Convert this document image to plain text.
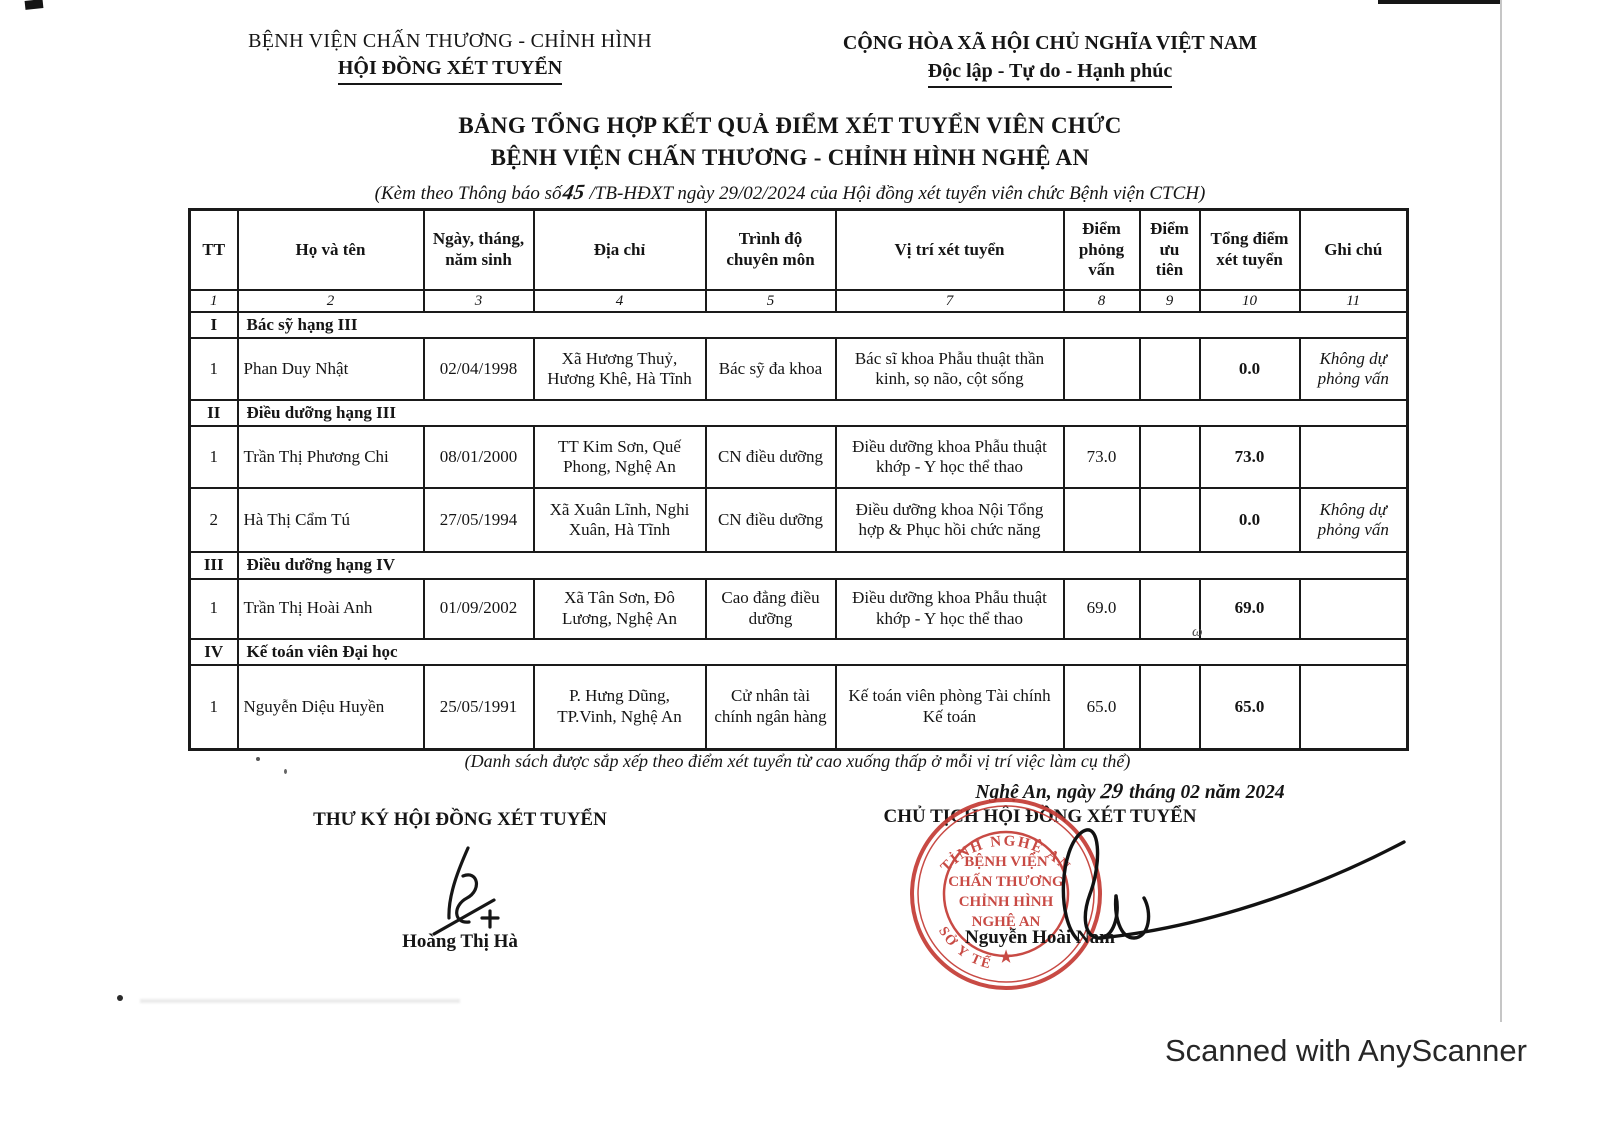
BỆNH VIỆN CHẤN THƯƠNG - CHỈNH HÌNH
HỘI ĐỒNG XÉT TUYỂN
CỘNG HÒA XÃ HỘI CHỦ NGHĨA VIỆT NAM
Độc lập - Tự do - Hạnh phúc
BẢNG TỔNG HỢP KẾT QUẢ ĐIỂM XÉT TUYỂN VIÊN CHỨC
BỆNH VIỆN CHẤN THƯƠNG - CHỈNH HÌNH NGHỆ AN
(Kèm theo Thông báo số45 /TB-HĐXT ngày 29/02/2024 của Hội đồng xét tuyển viên chức Bệnh viện CTCH)
TT	Họ và tên	Ngày, tháng, năm sinh	Địa chỉ	Trình độ chuyên môn	Vị trí xét tuyển	Điểm phỏng vấn	Điểm ưu tiên	Tổng điểm xét tuyển	Ghi chú
1	2	3	4	5	7	8	9	10	11
I	Bác sỹ hạng III								
1	Phan Duy Nhật	02/04/1998	Xã Hương Thuỷ, Hương Khê, Hà Tĩnh	Bác sỹ đa khoa	Bác sĩ khoa Phẫu thuật thần kinh, sọ não, cột sống			0.0	Không dự phỏng vấn
II	Điều dưỡng hạng III								
1	Trần Thị Phương Chi	08/01/2000	TT Kim Sơn, Quế Phong, Nghệ An	CN điều dưỡng	Điều dưỡng khoa Phẫu thuật khớp - Y học thể thao	73.0		73.0	
2	Hà Thị Cẩm Tú	27/05/1994	Xã Xuân Lĩnh, Nghi Xuân, Hà Tĩnh	CN điều dưỡng	Điều dưỡng khoa Nội Tổng hợp & Phục hồi chức năng			0.0	Không dự phỏng vấn
III	Điều dưỡng hạng IV								
1	Trần Thị Hoài Anh	01/09/2002	Xã Tân Sơn, Đô Lương, Nghệ An	Cao đẳng điều dưỡng	Điều dưỡng khoa Phẫu thuật khớp - Y học thể thao	69.0		69.0	
IV	Kế toán viên Đại học								
1	Nguyễn Diệu Huyền	25/05/1991	P. Hưng Dũng, TP.Vinh, Nghệ An	Cử nhân tài chính ngân hàng	Kế toán viên phòng Tài chính Kế toán	65.0		65.0	
ω
(Danh sách được sắp xếp theo điểm xét tuyển từ cao xuống thấp ở mỗi vị trí việc làm cụ thể)
Nghệ An, ngày 29 tháng 02 năm 2024
THƯ KÝ HỘI ĐỒNG XÉT TUYỂN	CHỦ TỊCH HỘI ĐỒNG XÉT TUYỂN
Hoàng Thị Hà
TỈNH NGHỆ AN
SỞ Y TẾ
BỆNH VIỆN
CHẤN THƯƠNG
CHỈNH HÌNH
NGHỆ AN
★
Nguyễn Hoài Nam
Scanned with AnyScanner
